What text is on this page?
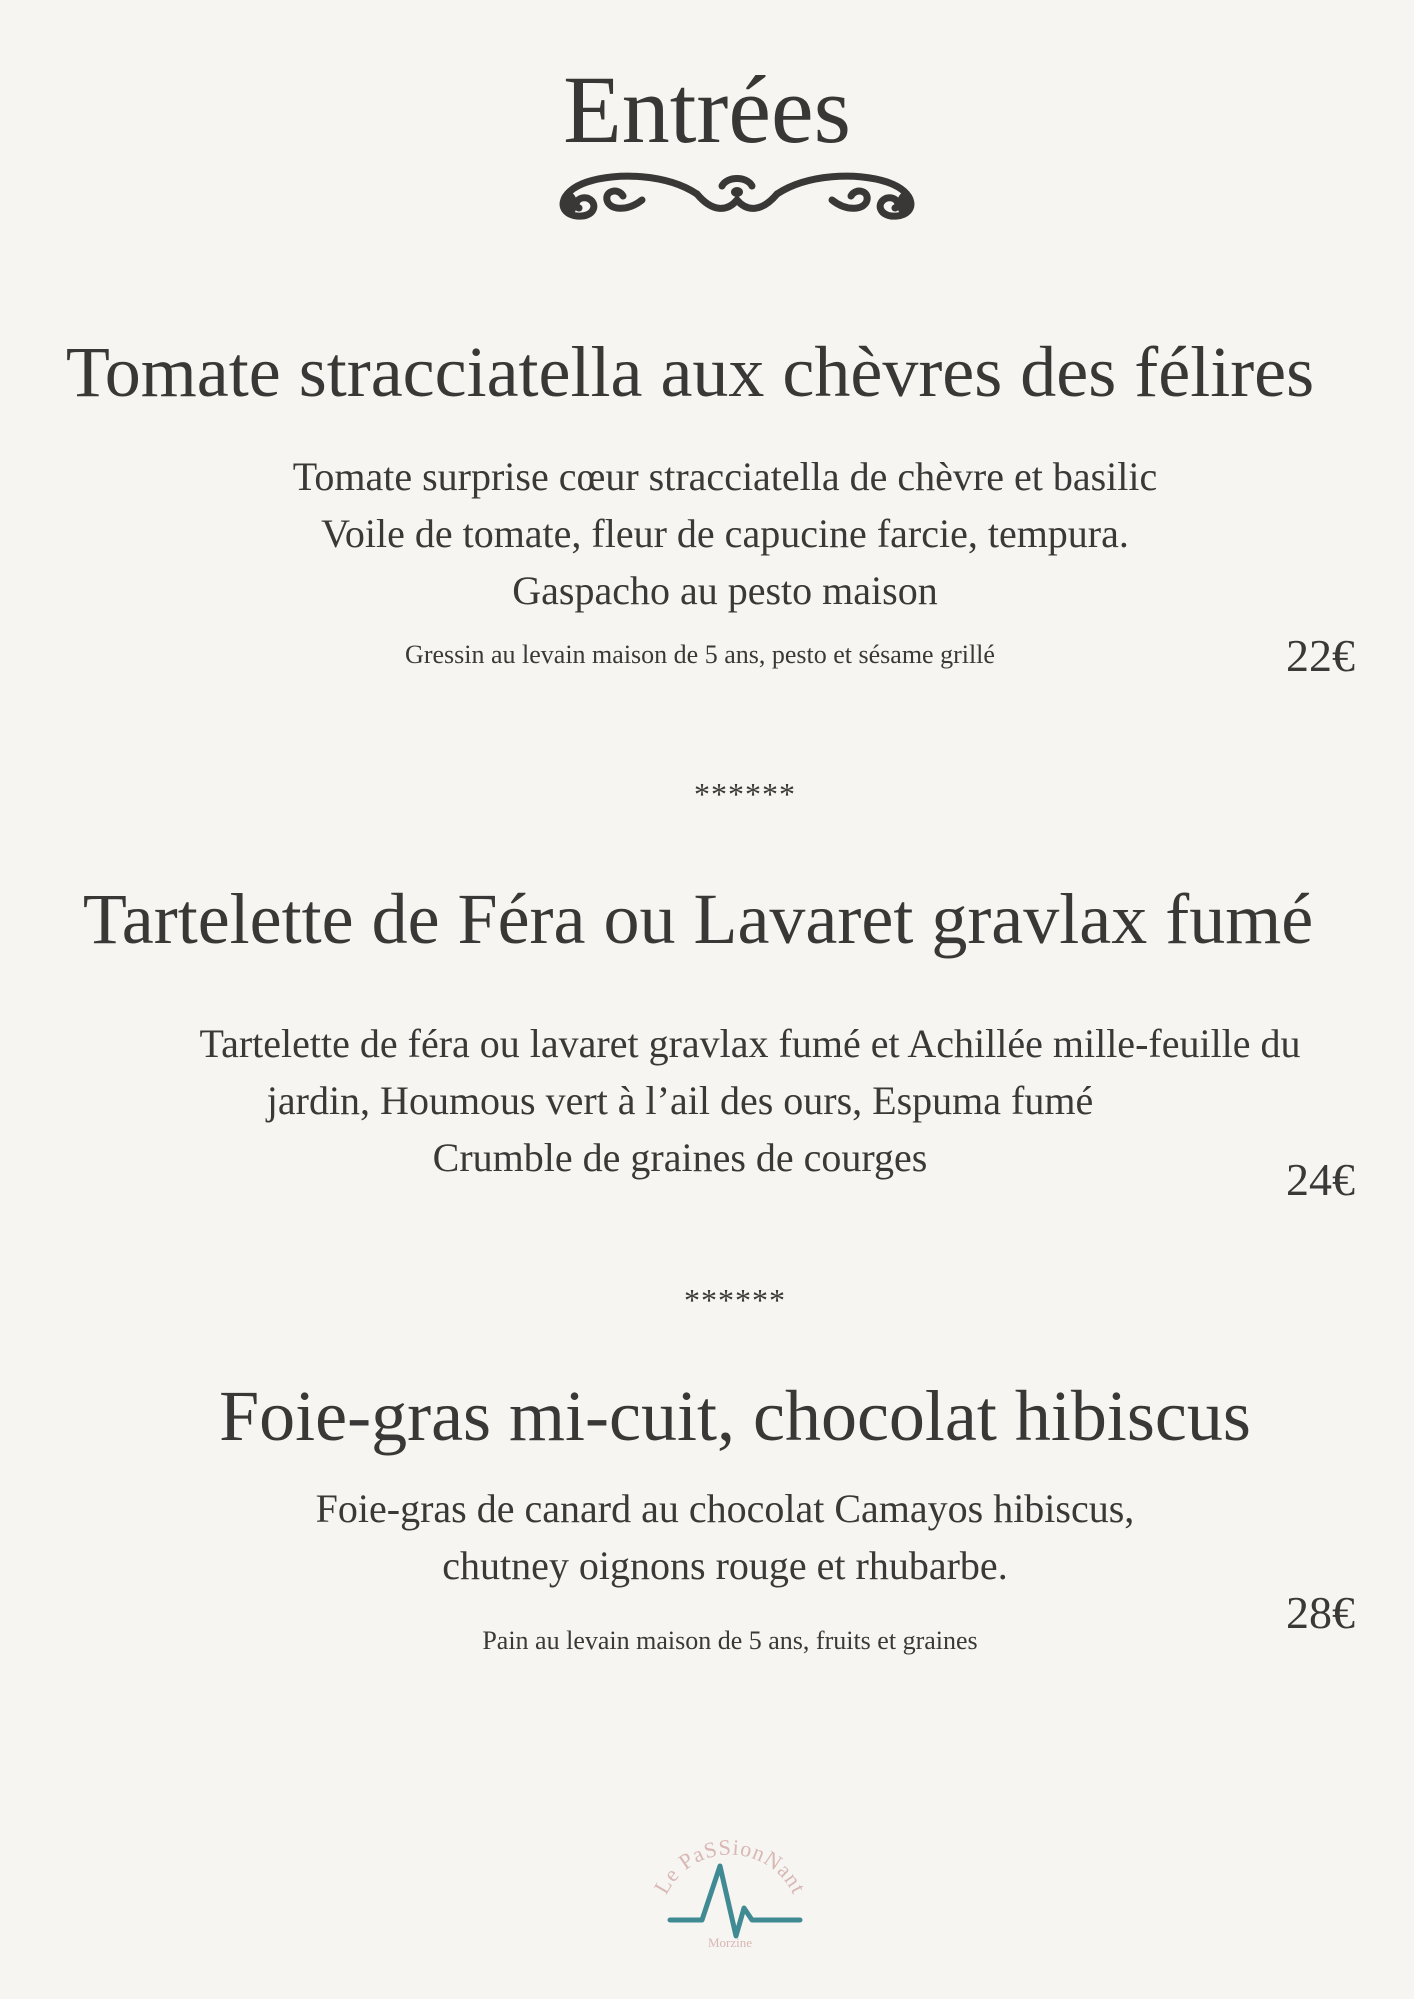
Entrées
Tomate stracciatella aux chèvres des félires
Tomate surprise cœur stracciatella de chèvre et basilic
Voile de tomate, fleur de capucine farcie, tempura.
Gaspacho au pesto maison
Gressin au levain maison de 5 ans, pesto et sésame grillé	22€
******
Tartelette de Féra ou Lavaret gravlax fumé
Tartelette de féra ou lavaret gravlax fumé et Achillée mille-feuille du
jardin, Houmous vert à l’ail des ours, Espuma fumé
Crumble de graines de courges	24€
******
Foie-gras mi-cuit, chocolat hibiscus
Foie-gras de canard au chocolat Camayos hibiscus,
chutney oignons rouge et rhubarbe.
Pain au levain maison de 5 ans, fruits et graines
28€
Le PaSSionNant
Morzine
